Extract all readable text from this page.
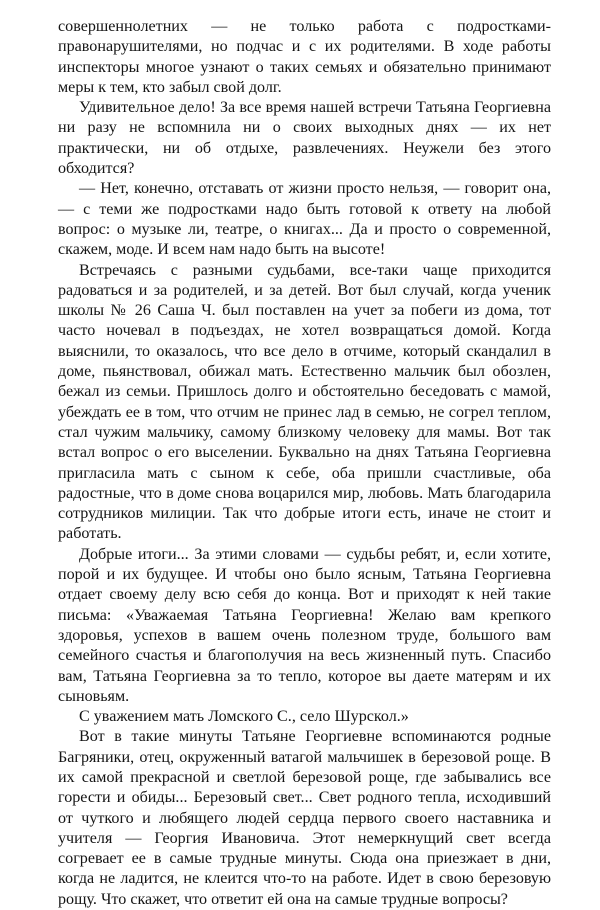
совершеннолетних — не только работа с подростками-правонарушителями, но подчас и с их родителями. В ходе работы инспекторы многое узнают о таких семьях и обязательно принимают меры к тем, кто забыл свой долг.

Удивительное дело! За все время нашей встречи Татьяна Георгиевна ни разу не вспомнила ни о своих выходных днях — их нет практически, ни об отдыхе, развлечениях. Неужели без этого обходится?

— Нет, конечно, отставать от жизни просто нельзя, — говорит она, — с теми же подростками надо быть готовой к ответу на любой вопрос: о музыке ли, театре, о книгах... Да и просто о современной, скажем, моде. И всем нам надо быть на высоте!

Встречаясь с разными судьбами, все-таки чаще приходится радоваться и за родителей, и за детей. Вот был случай, когда ученик школы № 26 Саша Ч. был поставлен на учет за побеги из дома, тот часто ночевал в подъездах, не хотел возвращаться домой. Когда выяснили, то оказалось, что все дело в отчиме, который скандалил в доме, пьянствовал, обижал мать. Естественно мальчик был обозлен, бежал из семьи. Пришлось долго и обстоятельно беседовать с мамой, убеждать ее в том, что отчим не принес лад в семью, не согрел теплом, стал чужим мальчику, самому близкому человеку для мамы. Вот так встал вопрос о его выселении. Буквально на днях Татьяна Георгиевна пригласила мать с сыном к себе, оба пришли счастливые, оба радостные, что в доме снова воцарился мир, любовь. Мать благодарила сотрудников милиции. Так что добрые итоги есть, иначе не стоит и работать.

Добрые итоги... За этими словами — судьбы ребят, и, если хотите, порой и их будущее. И чтобы оно было ясным, Татьяна Георгиевна отдает своему делу всю себя до конца. Вот и приходят к ней такие письма: «Уважаемая Татьяна Георгиевна! Желаю вам крепкого здоровья, успехов в вашем очень полезном труде, большого вам семейного счастья и благополучия на весь жизненный путь. Спасибо вам, Татьяна Георгиевна за то тепло, которое вы даете матерям и их сыновьям.

С уважением мать Ломского С., село Шурскол.»

Вот в такие минуты Татьяне Георгиевне вспоминаются родные Багряники, отец, окруженный ватагой мальчишек в березовой роще. В их самой прекрасной и светлой березовой роще, где забывались все горести и обиды... Березовый свет... Свет родного тепла, исходивший от чуткого и любящего людей сердца первого своего наставника и учителя — Георгия Ивановича. Этот немеркнущий свет всегда согревает ее в самые трудные минуты. Сюда она приезжает в дни, когда не ладится, не клеится что-то на работе. Идет в свою березовую рощу. Что скажет, что ответит ей она на самые трудные вопросы?
